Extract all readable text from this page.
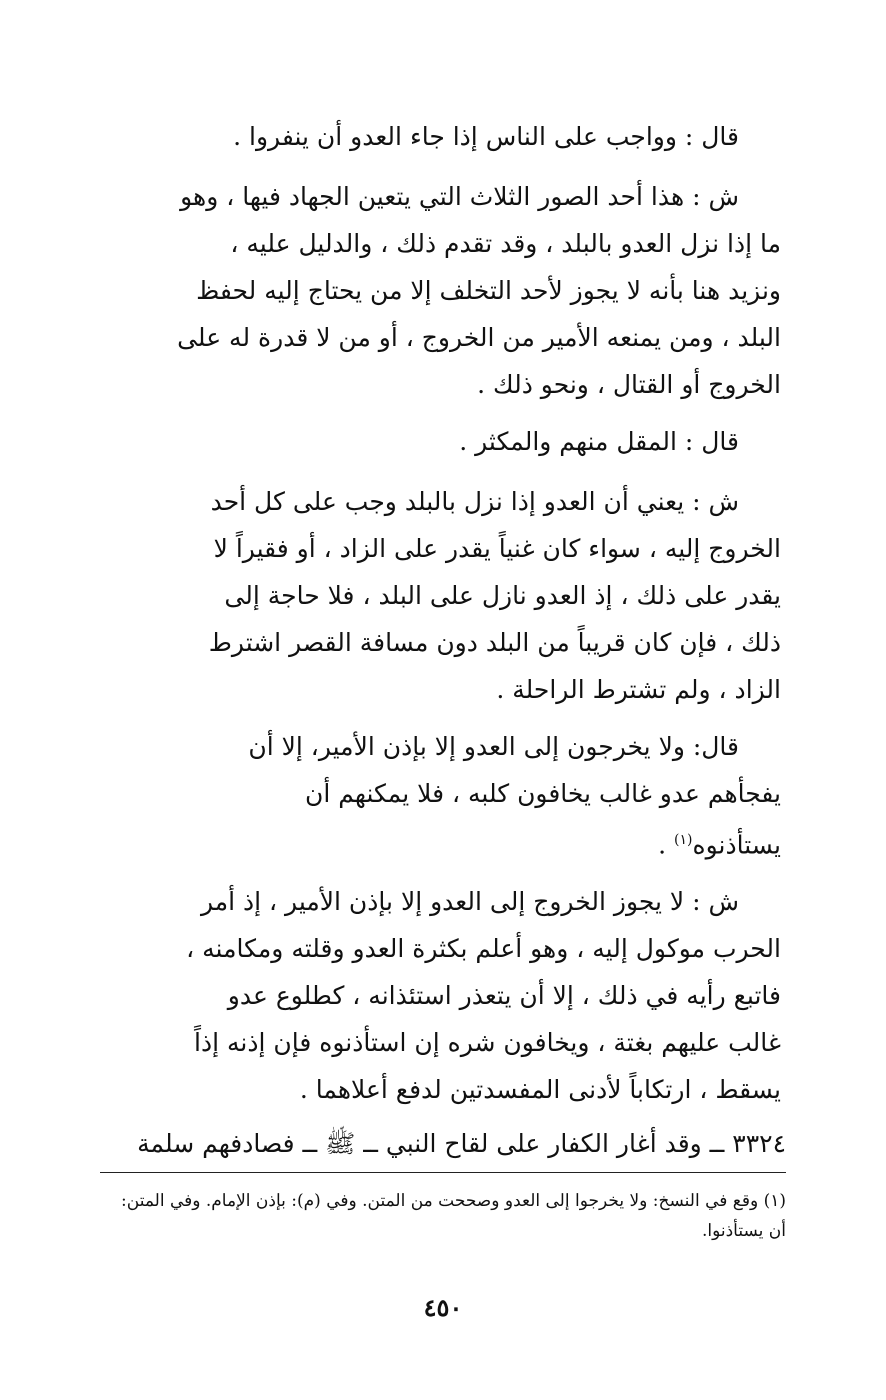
قال : وواجب على الناس إذا جاء العدو أن ينفروا .
ش : هذا أحد الصور الثلاث التي يتعين الجهاد فيها ، وهو
ما إذا نزل العدو بالبلد ، وقد تقدم ذلك ، والدليل عليه ،
ونزيد هنا بأنه لا يجوز لأحد التخلف إلا من يحتاج إليه لحفظ
البلد ، ومن يمنعه الأمير من الخروج ، أو من لا قدرة له على
الخروج أو القتال ، ونحو ذلك .
قال : المقل منهم والمكثر .
ش : يعني أن العدو إذا نزل بالبلد وجب على كل أحد
الخروج إليه ، سواء كان غنياً يقدر على الزاد ، أو فقيراً لا
يقدر على ذلك ، إذ العدو نازل على البلد ، فلا حاجة إلى
ذلك ، فإن كان قريباً من البلد دون مسافة القصر اشترط
الزاد ، ولم تشترط الراحلة .
قال: ولا يخرجون إلى العدو إلا بإذن الأمير، إلا أن
يفجأهم عدو غالب يخافون كلبه ، فلا يمكنهم أن
يستأذنوه$^{(١)}$ .
ش : لا يجوز الخروج إلى العدو إلا بإذن الأمير ، إذ أمر
الحرب موكول إليه ، وهو أعلم بكثرة العدو وقلته ومكامنه ،
فاتبع رأيه في ذلك ، إلا أن يتعذر استئذانه ، كطلوع عدو
غالب عليهم بغتة ، ويخافون شره إن استأذنوه فإن إذنه إذاً
يسقط ، ارتكاباً لأدنى المفسدتين لدفع أعلاهما .
٣٣٢٤ ــ وقد أغار الكفار على لقاح النبي ــ ﷺ ــ فصادفهم سلمة
(١) وقع في النسخ: ولا يخرجوا إلى العدو وصححت من المتن. وفي (م): بإذن الإمام. وفي المتن:
أن يستأذنوا.
٤٥٠
